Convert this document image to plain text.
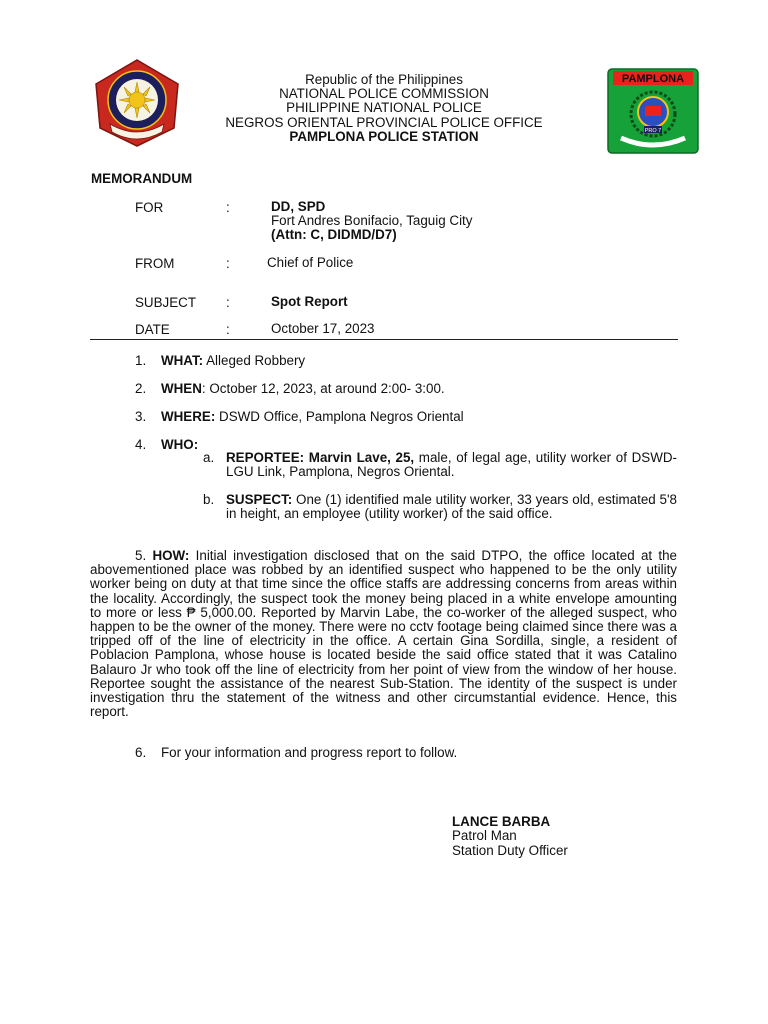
Republic of the Philippines
NATIONAL POLICE COMMISSION
PHILIPPINE NATIONAL POLICE
NEGROS ORIENTAL PROVINCIAL POLICE OFFICE
PAMPLONA POLICE STATION
PAMPLONA
PRO 7
MEMORANDUM
FOR	:	DD, SPD
Fort Andres Bonifacio, Taguig City
(Attn: C, DIDMD/D7)
FROM	:	Chief of Police
SUBJECT :	Spot Report
DATE	:	October 17, 2023
1. WHAT: Alleged Robbery
2. WHEN: October 12, 2023, at around 2:00- 3:00.
3. WHERE: DSWD Office, Pamplona Negros Oriental
4. WHO:
a. REPORTEE: Marvin Lave, 25, male, of legal age, utility worker of DSWD- LGU Link, Pamplona, Negros Oriental.
b. SUSPECT: One (1) identified male utility worker, 33 years old, estimated 5'8 in height, an employee (utility worker) of the said office.
5. HOW: Initial investigation disclosed that on the said DTPO, the office located at the abovementioned place was robbed by an identified suspect who happened to be the only utility worker being on duty at that time since the office staffs are addressing concerns from areas within the locality. Accordingly, the suspect took the money being placed in a white envelope amounting to more or less ₱ 5,000.00. Reported by Marvin Labe, the co-worker of the alleged suspect, who happen to be the owner of the money. There were no cctv footage being claimed since there was a tripped off of the line of electricity in the office. A certain Gina Sordilla, single, a resident of Poblacion Pamplona, whose house is located beside the said office stated that it was Catalino Balauro Jr who took off the line of electricity from her point of view from the window of her house. Reportee sought the assistance of the nearest Sub-Station. The identity of the suspect is under investigation thru the statement of the witness and other circumstantial evidence. Hence, this report.
6. For your information and progress report to follow.
LANCE BARBA
Patrol Man
Station Duty Officer
